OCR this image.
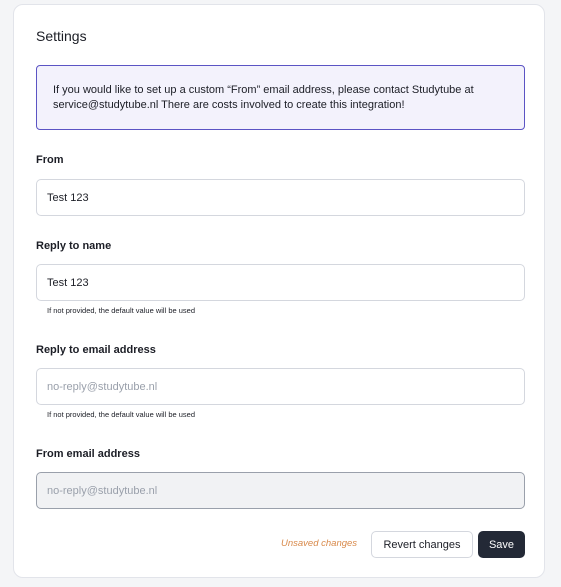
Settings
If you would like to set up a custom “From” email address, please contact Studytube at
service@studytube.nl There are costs involved to create this integration!
From
Test 123
Reply to name
Test 123
If not provided, the default value will be used
Reply to email address
no-reply@studytube.nl
If not provided, the default value will be used
From email address
no-reply@studytube.nl
Unsaved changes	Revert changes	Save
